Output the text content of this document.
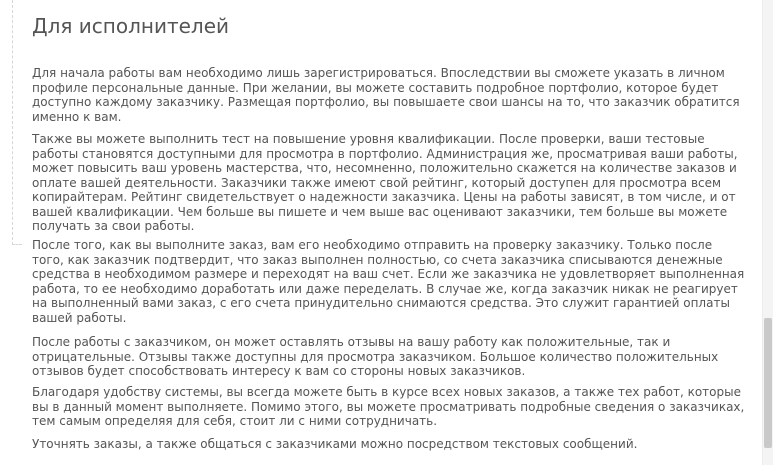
Для исполнителей

Для начала работы вам необходимо лишь зарегистрироваться. Впоследствии вы сможете указать в личном
профиле персональные данные. При желании, вы можете составить подробное портфолио, которое будет
доступно каждому заказчику. Размещая портфолио, вы повышаете свои шансы на то, что заказчик обратится
именно к вам.

Также вы можете выполнить тест на повышение уровня квалификации. После проверки, ваши тестовые
работы становятся доступными для просмотра в портфолио. Администрация же, просматривая ваши работы,
может повысить ваш уровень мастерства, что, несомненно, положительно скажется на количестве заказов и
оплате вашей деятельности. Заказчики также имеют свой рейтинг, который доступен для просмотра всем
копирайтерам. Рейтинг свидетельствует о надежности заказчика. Цены на работы зависят, в том числе, и от
вашей квалификации. Чем больше вы пишете и чем выше вас оценивают заказчики, тем больше вы можете
получать за свои работы.

После того, как вы выполните заказ, вам его необходимо отправить на проверку заказчику. Только после
того, как заказчик подтвердит, что заказ выполнен полностью, со счета заказчика списываются денежные
средства в необходимом размере и переходят на ваш счет. Если же заказчика не удовлетворяет выполненная
работа, то ее необходимо доработать или даже переделать. В случае же, когда заказчик никак не реагирует
на выполненный вами заказ, с его счета принудительно снимаются средства. Это служит гарантией оплаты
вашей работы.

После работы с заказчиком, он может оставлять отзывы на вашу работу как положительные, так и
отрицательные. Отзывы также доступны для просмотра заказчиком. Большое количество положительных
отзывов будет способствовать интересу к вам со стороны новых заказчиков.

Благодаря удобству системы, вы всегда можете быть в курсе всех новых заказов, а также тех работ, которые
вы в данный момент выполняете. Помимо этого, вы можете просматривать подробные сведения о заказчиках,
тем самым определяя для себя, стоит ли с ними сотрудничать.

Уточнять заказы, а также общаться с заказчиками можно посредством текстовых сообщений.
